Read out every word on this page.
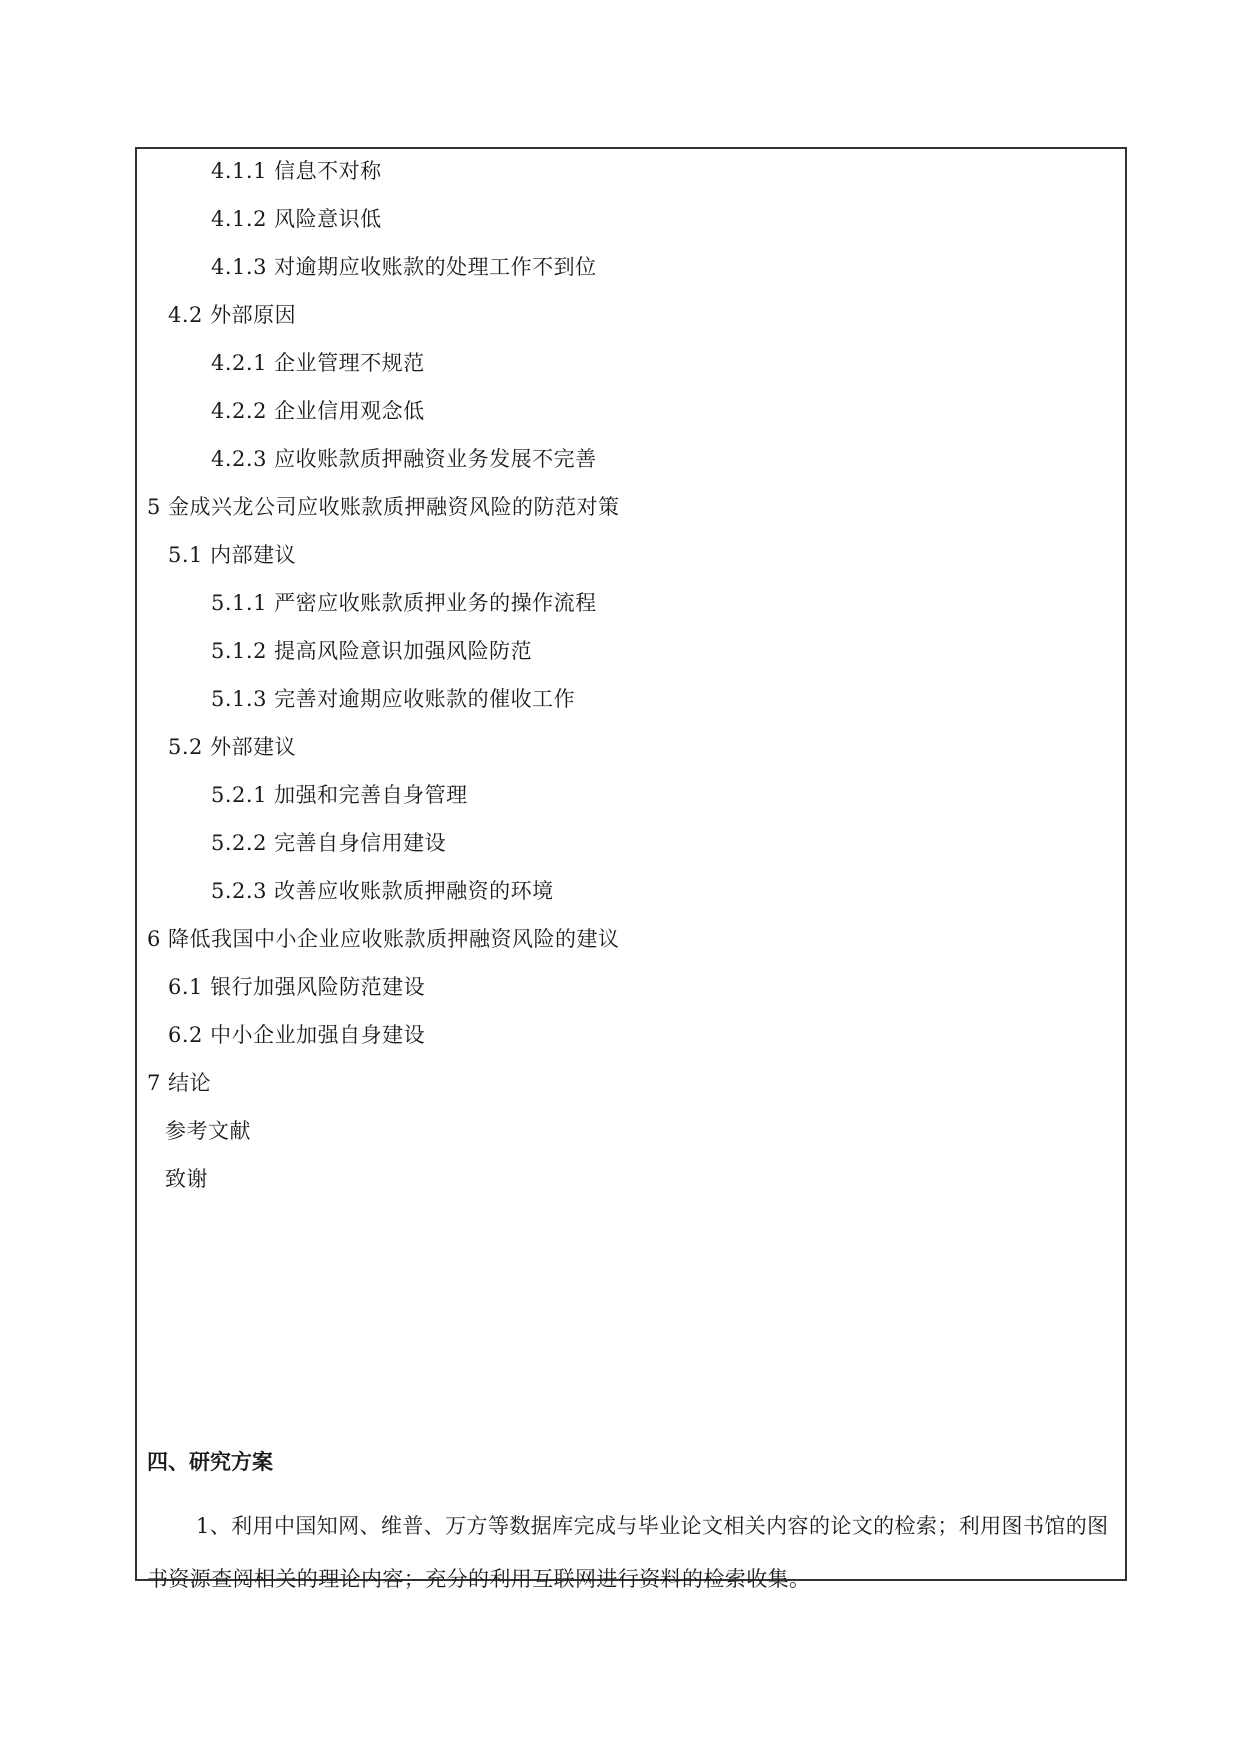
4.1.1 信息不对称
4.1.2 风险意识低
4.1.3 对逾期应收账款的处理工作不到位
4.2 外部原因
4.2.1 企业管理不规范
4.2.2 企业信用观念低
4.2.3 应收账款质押融资业务发展不完善
5 金成兴龙公司应收账款质押融资风险的防范对策
5.1 内部建议
5.1.1 严密应收账款质押业务的操作流程
5.1.2 提高风险意识加强风险防范
5.1.3 完善对逾期应收账款的催收工作
5.2 外部建议
5.2.1 加强和完善自身管理
5.2.2 完善自身信用建设
5.2.3 改善应收账款质押融资的环境
6 降低我国中小企业应收账款质押融资风险的建议
6.1 银行加强风险防范建设
6.2 中小企业加强自身建设
7 结论
参考文献
致谢
四、研究方案
1、利用中国知网、维普、万方等数据库完成与毕业论文相关内容的论文的检索；利用图书馆的图书资源查阅相关的理论内容；充分的利用互联网进行资料的检索收集。
